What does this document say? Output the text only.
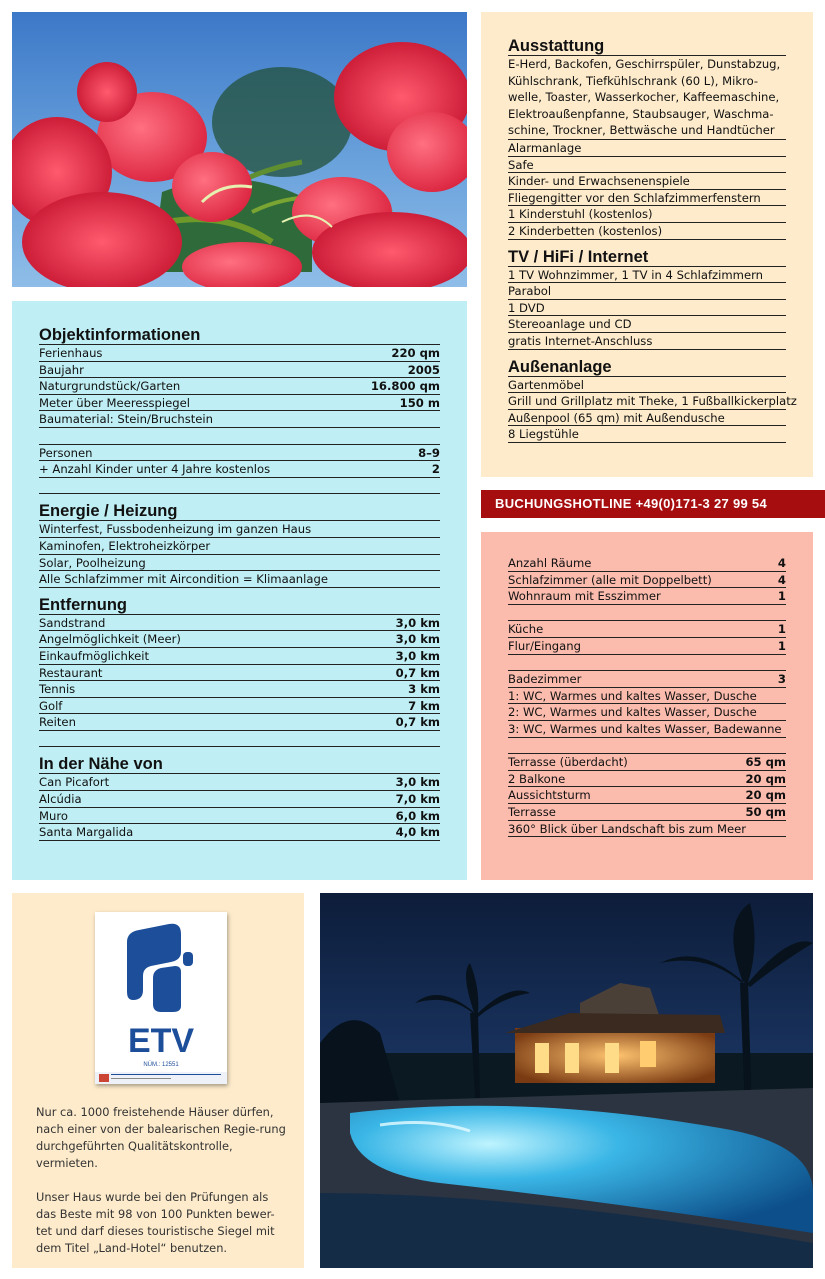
Objektinformationen
Ferienhaus	220 qm
Baujahr	2005
Naturgrundstück/Garten	16.800 qm
Meter über Meeresspiegel	150 m
Baumaterial: Stein/Bruchstein
Personen	8–9
+ Anzahl Kinder unter 4 Jahre kostenlos	2
Energie / Heizung
Winterfest, Fussbodenheizung im ganzen Haus
Kaminofen, Elektroheizkörper
Solar, Poolheizung
Alle Schlafzimmer mit Aircondition = Klimaanlage
Entfernung
Sandstrand	3,0 km
Angelmöglichkeit (Meer)	3,0 km
Einkaufmöglichkeit	3,0 km
Restaurant	0,7 km
Tennis	3 km
Golf	7 km
Reiten	0,7 km
In der Nähe von
Can Picafort	3,0 km
Alcúdia	7,0 km
Muro	6,0 km
Santa Margalida	4,0 km
Ausstattung
E-Herd, Backofen, Geschirrspüler, Dunstabzug, Kühlschrank, Tiefkühlschrank (60 L), Mikro-welle, Toaster, Wasserkocher, Kaffeemaschine, Elektroaußenpfanne, Staubsauger, Waschma-schine, Trockner, Bettwäsche und Handtücher
Alarmanlage
Safe
Kinder- und Erwachsenenspiele
Fliegengitter vor den Schlafzimmerfenstern
1 Kinderstuhl (kostenlos)
2 Kinderbetten (kostenlos)
TV / HiFi / Internet
1 TV Wohnzimmer, 1 TV in 4 Schlafzimmern
Parabol
1 DVD
Stereoanlage und CD
gratis Internet-Anschluss
Außenanlage
Gartenmöbel
Grill und Grillplatz mit Theke, 1 Fußballkickerplatz
Außenpool (65 qm) mit Außendusche
8 Liegstühle
BUCHUNGSHOTLINE +49(0)171-3 27 99 54
Anzahl Räume	4
Schlafzimmer (alle mit Doppelbett)	4
Wohnraum mit Esszimmer	1
Küche	1
Flur/Eingang	1
Badezimmer	3
1: WC, Warmes und kaltes Wasser, Dusche
2: WC, Warmes und kaltes Wasser, Dusche
3: WC, Warmes und kaltes Wasser, Badewanne
Terrasse (überdacht)	65 qm
2 Balkone	20 qm
Aussichtsturm	20 qm
Terrasse	50 qm
360° Blick über Landschaft bis zum Meer
ETV
NÚM.: 12551

Nur ca. 1000 freistehende Häuser dürfen, nach einer von der balearischen Regie-rung durchgeführten Qualitätskontrolle, vermieten.

Unser Haus wurde bei den Prüfungen als das Beste mit 98 von 100 Punkten bewer-tet und darf dieses touristische Siegel mit dem Titel „Land-Hotel“ benutzen.
